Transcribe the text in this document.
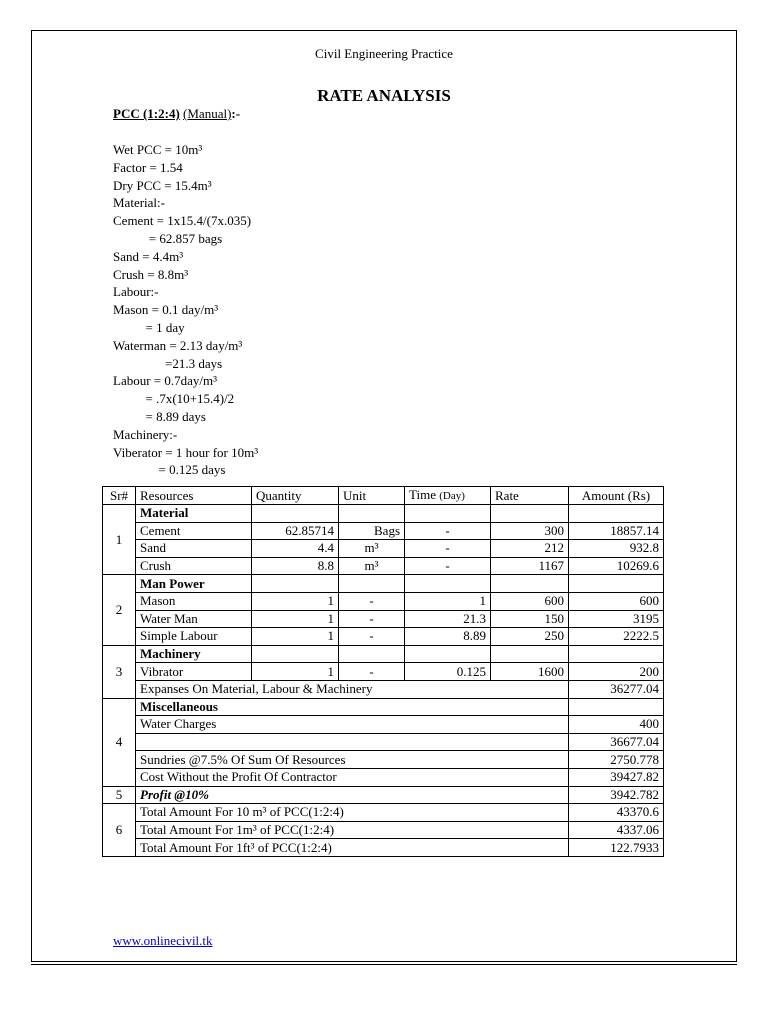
Civil Engineering Practice
RATE ANALYSIS
PCC (1:2:4) (Manual):-
Wet PCC = 10m³
Factor = 1.54
Dry PCC = 15.4m³
Material:-
Cement = 1x15.4/(7x.035)
= 62.857 bags
Sand = 4.4m³
Crush = 8.8m³
Labour:-
Mason = 0.1 day/m³
= 1 day
Waterman = 2.13 day/m³
=21.3 days
Labour = 0.7day/m³
= .7x(10+15.4)/2
= 8.89 days
Machinery:-
Viberator = 1 hour for 10m³
= 0.125 days
Sr#	Resources	Quantity	Unit	Time (Day)	Rate	Amount (Rs)
1	Material					
	Cement	62.85714	Bags	-	300	18857.14
	Sand	4.4	m³	-	212	932.8
	Crush	8.8	m³	-	1167	10269.6
2	Man Power					
	Mason	1	-	1	600	600
	Water Man	1	-	21.3	150	3195
	Simple Labour	1	-	8.89	250	2222.5
3	Machinery					
	Vibrator	1	-	0.125	1600	200
	Expanses On Material, Labour & Machinery					36277.04
4	Miscellaneous					
	Water Charges					400
						36677.04
	Sundries @7.5% Of Sum Of Resources					2750.778
	Cost Without the Profit Of Contractor					39427.82
5	Profit @10%					3942.782
6	Total Amount For 10 m³ of PCC(1:2:4)					43370.6
	Total Amount For 1m³ of PCC(1:2:4)					4337.06
	Total Amount For 1ft³ of PCC(1:2:4)					122.7933
www.onlinecivil.tk
